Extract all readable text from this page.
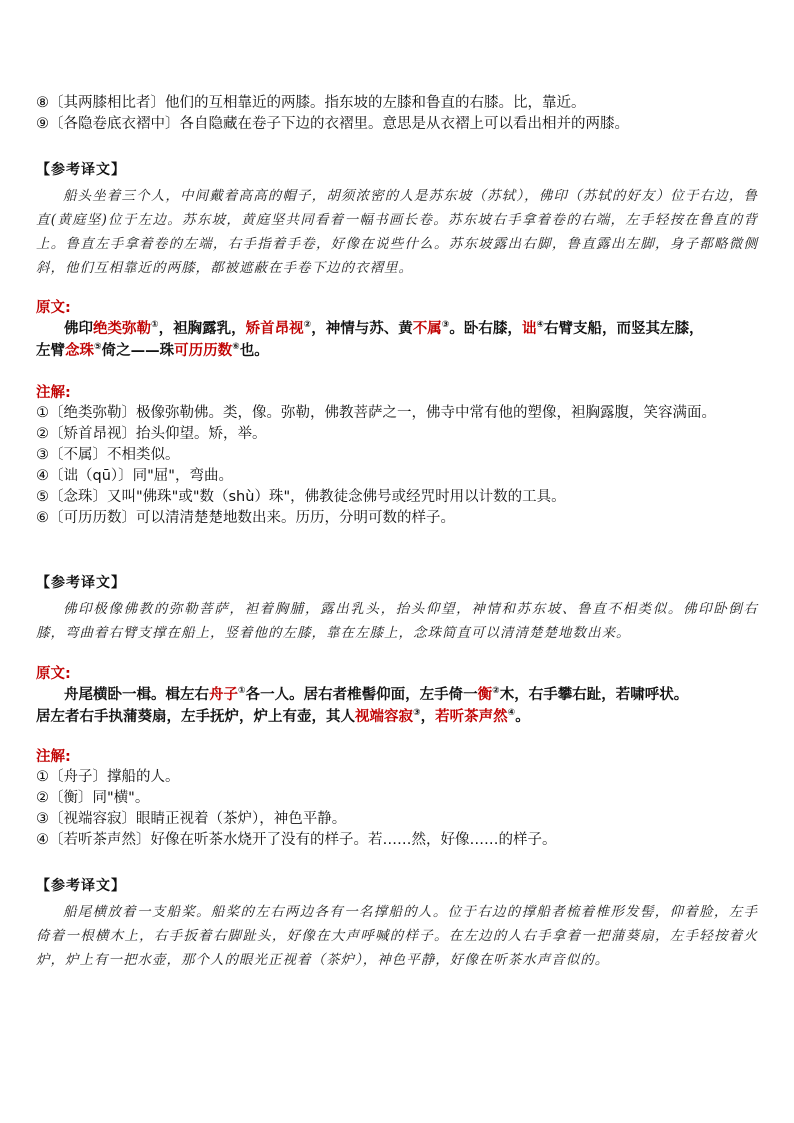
⑧〔其两膝相比者〕他们的互相靠近的两膝。指东坡的左膝和鲁直的右膝。比，靠近。
⑨〔各隐卷底衣褶中〕各自隐藏在卷子下边的衣褶里。意思是从衣褶上可以看出相并的两膝。
【参考译文】
船头坐着三个人，中间戴着高高的帽子，胡须浓密的人是苏东坡（苏轼），佛印（苏轼的好友）位于右边，鲁直(黄庭坚)位于左边。苏东坡，黄庭坚共同看着一幅书画长卷。苏东坡右手拿着卷的右端，左手轻按在鲁直的背上。鲁直左手拿着卷的左端，右手指着手卷，好像在说些什么。苏东坡露出右脚，鲁直露出左脚，身子都略微侧斜，他们互相靠近的两膝，都被遮蔽在手卷下边的衣褶里。
原文:
佛印绝类弥勒①，袒胸露乳，矫首昂视②，神情与苏、黄不属③。卧右膝，诎④右臂支船，而竖其左膝，
左臂念珠⑤倚之——珠可历历数⑥也。
注解:
①〔绝类弥勒〕极像弥勒佛。类，像。弥勒，佛教菩萨之一，佛寺中常有他的塑像，袒胸露腹，笑容满面。
②〔矫首昂视〕抬头仰望。矫，举。
③〔不属〕不相类似。
④〔诎（qū）〕同"屈"，弯曲。
⑤〔念珠〕又叫"佛珠"或"数（shù）珠"，佛教徒念佛号或经咒时用以计数的工具。
⑥〔可历历数〕可以清清楚楚地数出来。历历，分明可数的样子。
【参考译文】
佛印极像佛教的弥勒菩萨，袒着胸脯，露出乳头，抬头仰望，神情和苏东坡、鲁直不相类似。佛印卧倒右膝，弯曲着右臂支撑在船上，竖着他的左膝，靠在左膝上，念珠简直可以清清楚楚地数出来。
原文:
舟尾横卧一楫。楫左右舟子①各一人。居右者椎髻仰面，左手倚一衡②木，右手攀右趾，若啸呼状。
居左者右手执蒲葵扇，左手抚炉，炉上有壶，其人视端容寂③，若听茶声然④。
注解:
①〔舟子〕撑船的人。
②〔衡〕同"横"。
③〔视端容寂〕眼睛正视着（茶炉），神色平静。
④〔若听茶声然〕好像在听茶水烧开了没有的样子。若……然，好像……的样子。
【参考译文】
船尾横放着一支船桨。船桨的左右两边各有一名撑船的人。位于右边的撑船者梳着椎形发髻，仰着脸，左手倚着一根横木上，右手扳着右脚趾头，好像在大声呼喊的样子。在左边的人右手拿着一把蒲葵扇，左手轻按着火炉，炉上有一把水壶，那个人的眼光正视着（茶炉），神色平静，好像在听茶水声音似的。
